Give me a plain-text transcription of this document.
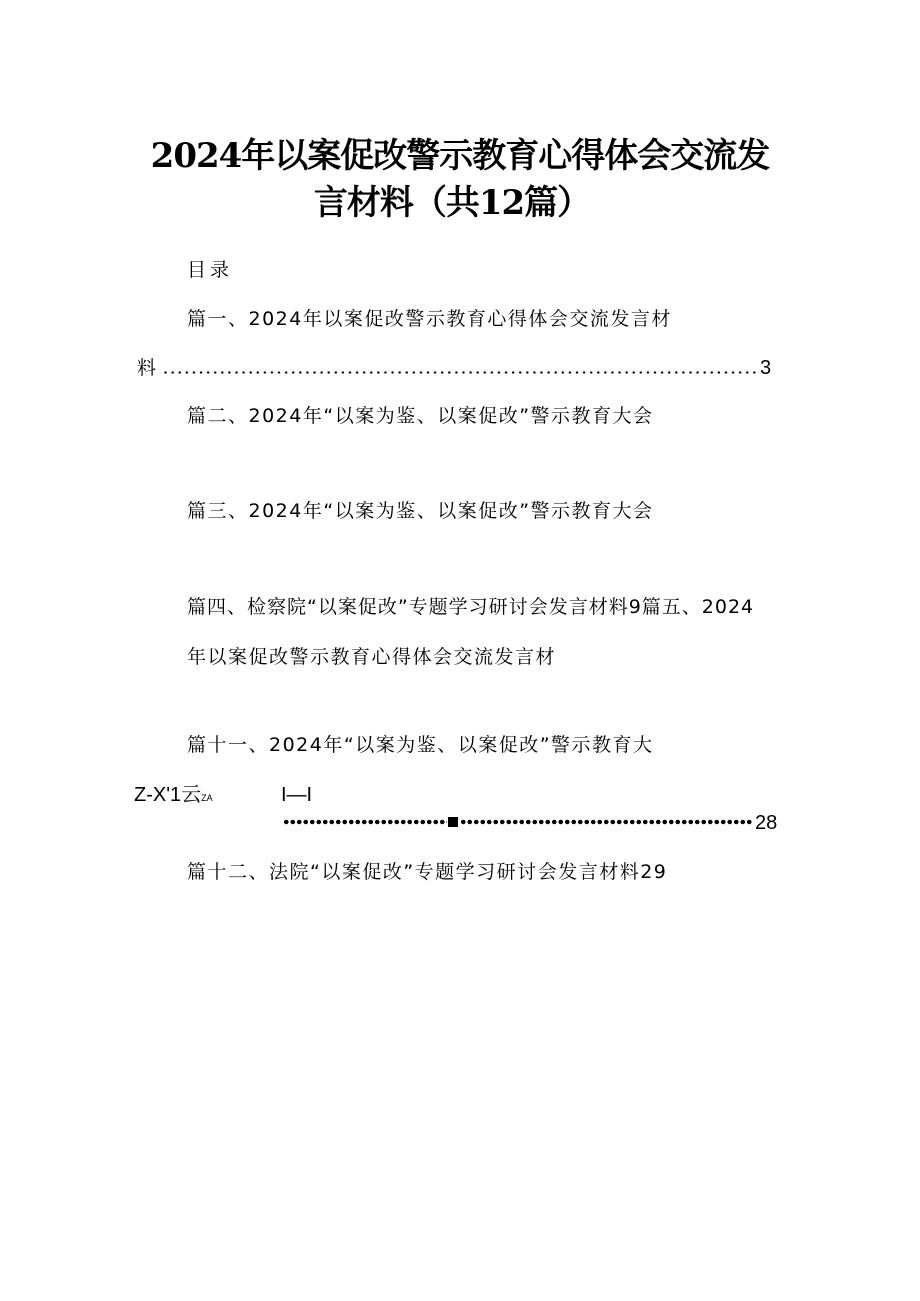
2024年以案促改警示教育心得体会交流发
言材料（共12篇）
目录
篇一、2024年以案促改警示教育心得体会交流发言材
料	3
篇二、2024年“以案为鉴、以案促改”警示教育大会
篇三、2024年“以案为鉴、以案促改”警示教育大会
篇四、检察院“以案促改”专题学习研讨会发言材料9篇五、2024
年以案促改警示教育心得体会交流发言材
篇十一、2024年“以案为鉴、以案促改”警示教育大
Z-X'1云ZA	I—I
28
篇十二、法院“以案促改”专题学习研讨会发言材料29
